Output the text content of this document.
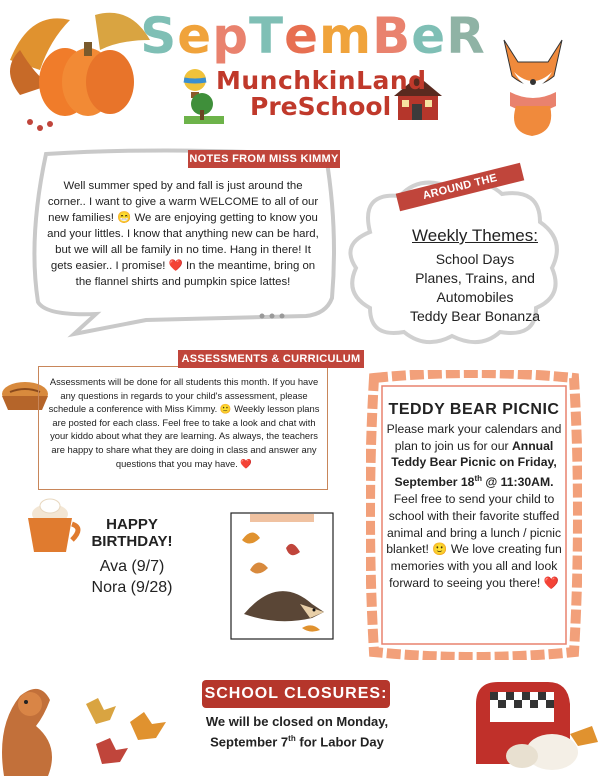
S e p T e m B e R
MunchkinLand
PreSchool
NOTES FROM MISS KIMMY
Well summer sped by and fall is just around the corner.. I want to give a warm WELCOME to all of our new families! 😁 We are enjoying getting to know you and your littles. I know that anything new can be hard, but we will all be family in no time. Hang in there! It gets easier.. I promise! ❤️ In the meantime, bring on the flannel shirts and pumpkin spice lattes!
AROUND THE SCHOOL
Weekly Themes:
School Days
Planes, Trains, and Automobiles
Teddy Bear Bonanza
ASSESSMENTS & CURRICULUM
Assessments will be done for all students this month. If you have any questions in regards to your child's assessment, please schedule a conference with Miss Kimmy. 🙂 Weekly lesson plans are posted for each class. Feel free to take a look and chat with your kiddo about what they are learning. As always, the teachers are happy to share what they are doing in class and answer any questions that you may have. ❤️
HAPPY
BIRTHDAY!
Ava (9/7)
Nora (9/28)
TEDDY BEAR PICNIC
Please mark your calendars and plan to join us for our Annual Teddy Bear Picnic on Friday, September 18th @ 11:30AM. Feel free to send your child to school with their favorite stuffed animal and bring a lunch / picnic blanket! 🙂 We love creating fun memories with you all and look forward to seeing you there! ❤️
SCHOOL CLOSURES:
We will be closed on Monday,
September 7th for Labor Day
